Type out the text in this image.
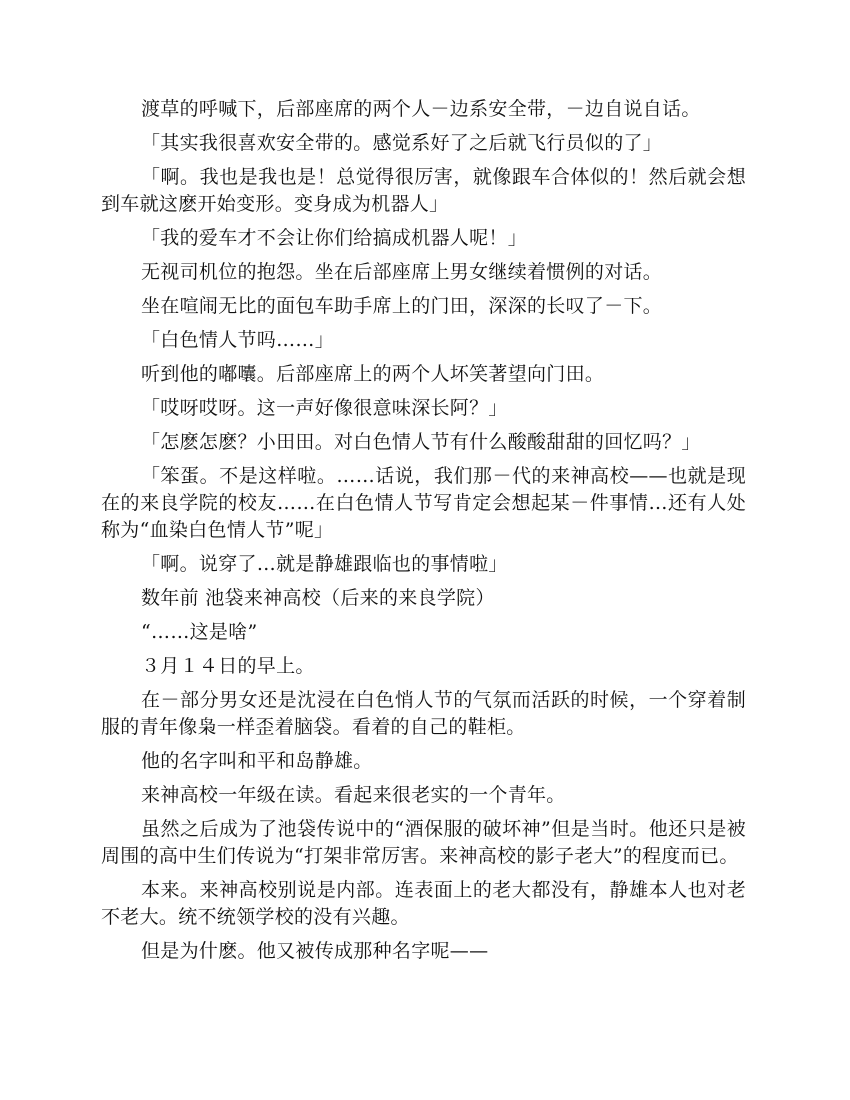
渡草的呼喊下，后部座席的两个人－边系安全带，－边自说自话。

「其实我很喜欢安全带的。感觉系好了之后就飞行员似的了」

「啊。我也是我也是！总觉得很厉害，就像跟车合体似的！然后就会想到车就这麽开始变形。变身成为机器人」

「我的爱车才不会让你们给搞成机器人呢！」

无视司机位的抱怨。坐在后部座席上男女继续着惯例的对话。

坐在喧闹无比的面包车助手席上的门田，深深的长叹了－下。

「白色情人节吗……」

听到他的嘟囔。后部座席上的两个人坏笑著望向门田。

「哎呀哎呀。这一声好像很意味深长阿？」

「怎麽怎麽？小田田。对白色情人节有什么酸酸甜甜的回忆吗？」

「笨蛋。不是这样啦。……话说，我们那－代的来神高校——也就是现在的来良学院的校友……在白色情人节写肯定会想起某－件事情…还有人处称为“血染白色情人节”呢」

「啊。说穿了…就是静雄跟临也的事情啦」

数年前 池袋来神高校（后来的来良学院）

“……这是啥”

３月１４日的早上。

在－部分男女还是沈浸在白色悄人节的气氛而活跃的时候，一个穿着制服的青年像枭一样歪着脑袋。看着的自己的鞋柜。

他的名字叫和平和岛静雄。

来神高校一年级在读。看起来很老实的一个青年。

虽然之后成为了池袋传说中的“酒保服的破坏神”但是当时。他还只是被周围的高中生们传说为“打架非常厉害。来神高校的影子老大”的程度而已。

本来。来神高校别说是内部。连表面上的老大都没有，静雄本人也对老不老大。统不统领学校的没有兴趣。

但是为什麽。他又被传成那种名字呢——
